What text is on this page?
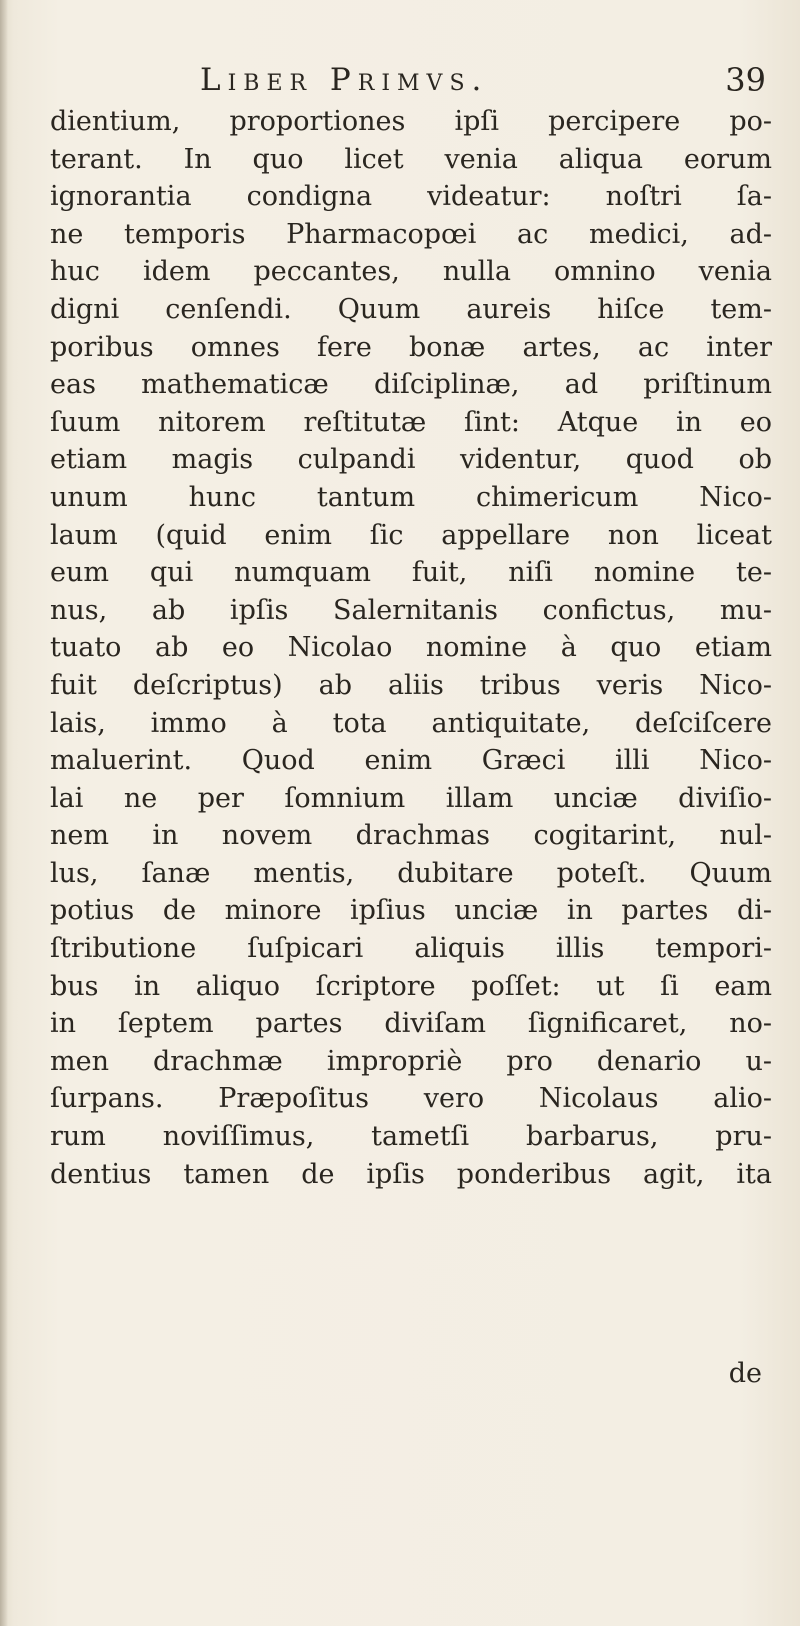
Liber Primvs.	39
dientium, proportiones ipſi percipere po-
terant. In quo licet venia aliqua eorum
ignorantia condigna videatur: noſtri ſa-
ne temporis Pharmacopœi ac medici, ad-
huc idem peccantes, nulla omnino venia
digni cenſendi. Quum aureis hiſce tem-
poribus omnes fere bonæ artes, ac inter
eas mathematicæ diſciplinæ, ad priſtinum
ſuum nitorem reſtitutæ ſint: Atque in eo
etiam magis culpandi videntur, quod ob
unum hunc tantum chimericum Nico-
laum (quid enim ſic appellare non liceat
eum qui numquam fuit, niſi nomine te-
nus, ab ipſis Salernitanis confictus, mu-
tuato ab eo Nicolao nomine à quo etiam
fuit deſcriptus) ab aliis tribus veris Nico-
lais, immo à tota antiquitate, deſciſcere
maluerint. Quod enim Græci illi Nico-
lai ne per ſomnium illam unciæ diviſio-
nem in novem drachmas cogitarint, nul-
lus, ſanæ mentis, dubitare poteſt. Quum
potius de minore ipſius unciæ in partes di-
ſtributione ſuſpicari aliquis illis tempori-
bus in aliquo ſcriptore poſſet: ut ſi eam
in ſeptem partes diviſam ſignificaret, no-
men drachmæ impropriè pro denario u-
ſurpans. Præpoſitus vero Nicolaus alio-
rum noviſſimus, tametſi barbarus, pru-
dentius tamen de ipſis ponderibus agit, ita
de
